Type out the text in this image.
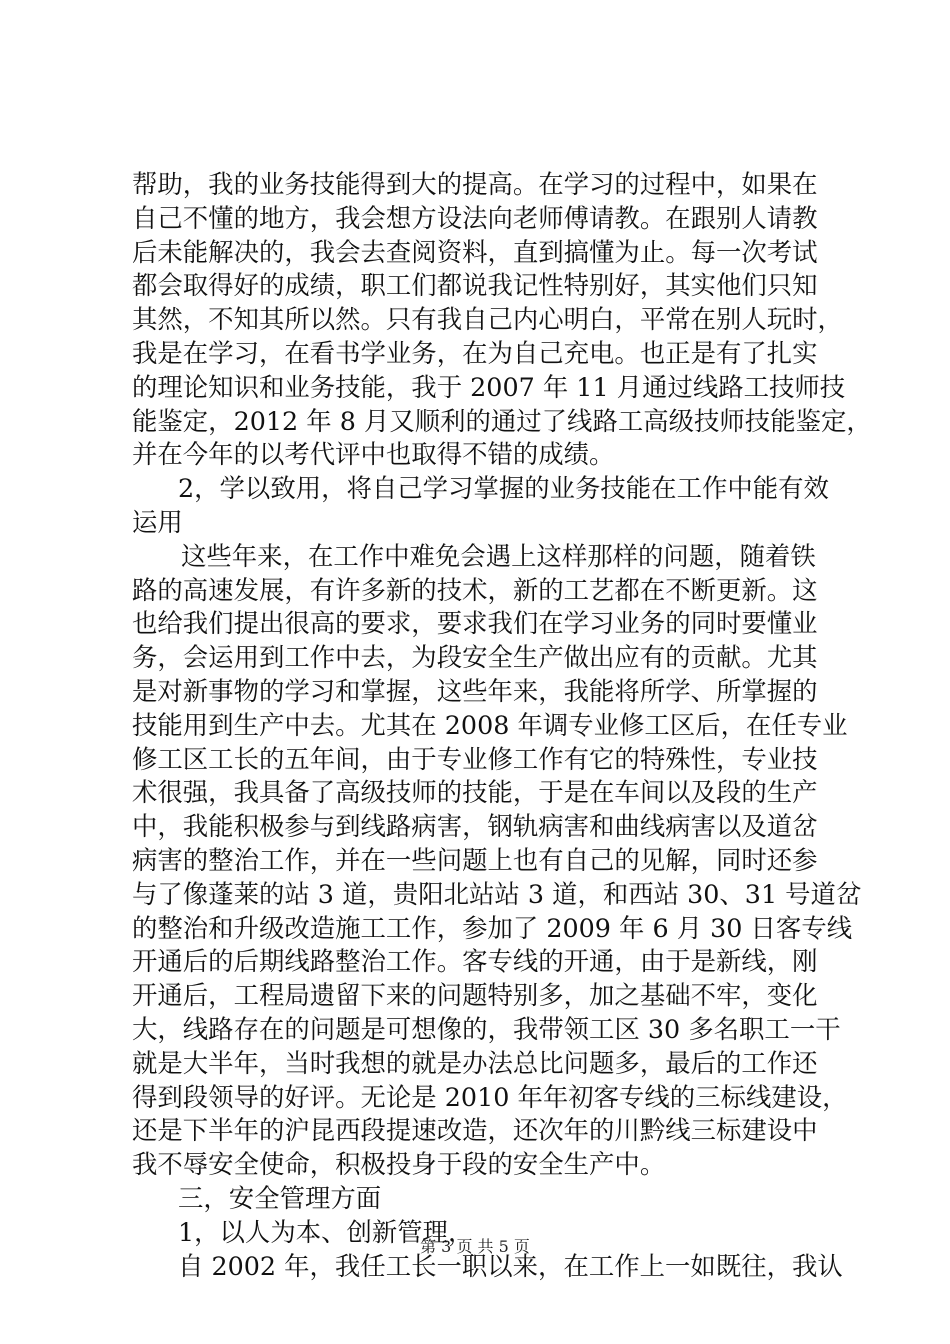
帮助，我的业务技能得到大的提高。在学习的过程中，如果在
自己不懂的地方，我会想方设法向老师傅请教。在跟别人请教
后未能解决的，我会去查阅资料，直到搞懂为止。每一次考试
都会取得好的成绩，职工们都说我记性特别好，其实他们只知
其然，不知其所以然。只有我自己内心明白，平常在别人玩时，
我是在学习，在看书学业务，在为自己充电。也正是有了扎实
的理论知识和业务技能，我于 2007 年 11 月通过线路工技师技
能鉴定，2012 年 8 月又顺利的通过了线路工高级技师技能鉴定，
并在今年的以考代评中也取得不错的成绩。
2，学以致用，将自己学习掌握的业务技能在工作中能有效
运用
这些年来，在工作中难免会遇上这样那样的问题，随着铁
路的高速发展，有许多新的技术，新的工艺都在不断更新。这
也给我们提出很高的要求，要求我们在学习业务的同时要懂业
务，会运用到工作中去，为段安全生产做出应有的贡献。尤其
是对新事物的学习和掌握，这些年来，我能将所学、所掌握的
技能用到生产中去。尤其在 2008 年调专业修工区后，在任专业
修工区工长的五年间，由于专业修工作有它的特殊性，专业技
术很强，我具备了高级技师的技能，于是在车间以及段的生产
中，我能积极参与到线路病害，钢轨病害和曲线病害以及道岔
病害的整治工作，并在一些问题上也有自己的见解，同时还参
与了像蓬莱的站 3 道，贵阳北站站 3 道，和西站 30、31 号道岔
的整治和升级改造施工工作，参加了 2009 年 6 月 30 日客专线
开通后的后期线路整治工作。客专线的开通，由于是新线，刚
开通后，工程局遗留下来的问题特别多，加之基础不牢，变化
大，线路存在的问题是可想像的，我带领工区 30 多名职工一干
就是大半年，当时我想的就是办法总比问题多，最后的工作还
得到段领导的好评。无论是 2010 年年初客专线的三标线建设，
还是下半年的沪昆西段提速改造，还次年的川黔线三标建设中
我不辱安全使命，积极投身于段的安全生产中。
三，安全管理方面
1，以人为本、创新管理，
自 2002 年，我任工长一职以来，在工作上一如既往，我认
第 3 页 共 5 页
